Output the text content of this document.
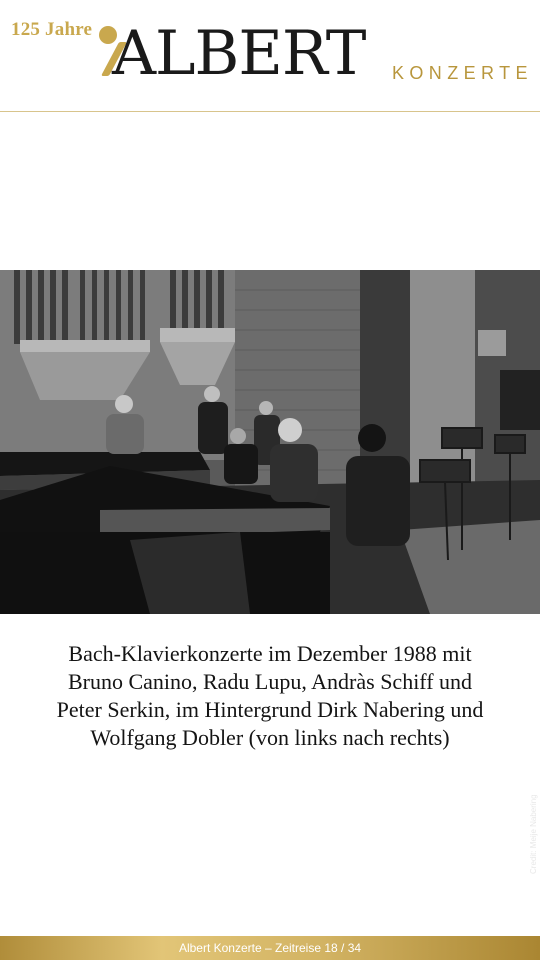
125 Jahre ALBERT KONZERTE
Credit: Meije Nabering

Bach-Klavierkonzerte im Dezember 1988 mit

Bruno Canino, Radu Lupu, Andràs Schiff und

Peter Serkin, im Hintergrund Dirk Nabering und

Wolfgang Dobler (von links nach rechts)

Albert Konzerte – Zeitreise 18 / 34
